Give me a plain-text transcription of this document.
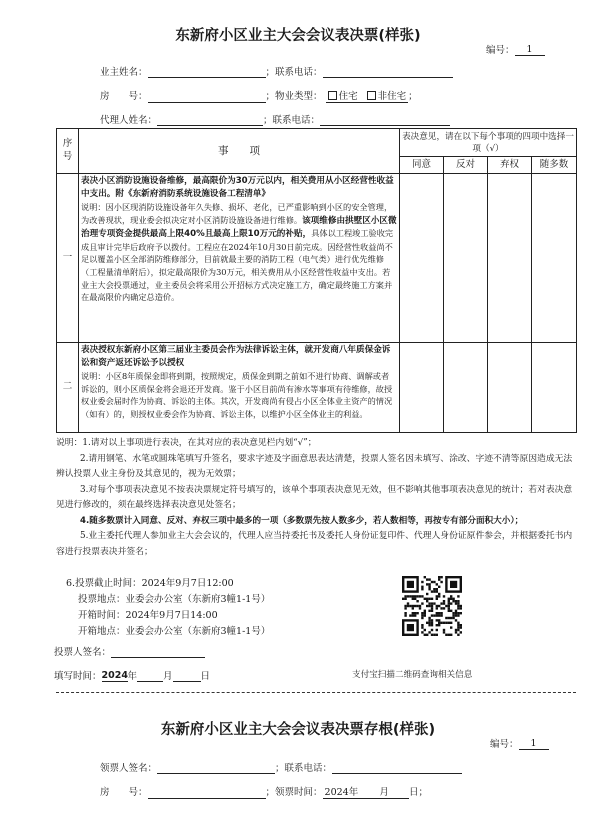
东新府小区业主大会会议表决票(样张)
编号： 1
业主姓名：	；联系电话：
房　　号：	；物业类型： 住宅 非住宅 ；
代理人姓名：	；联系电话：
序号	事　　项	表决意见，请在以下每个事项的四项中选择一项（√）			
		同意	反对	弃权	随多数
一	表决小区消防设施设备维修，最高限价为30万元以内，相关费用从小区经营性收益中支出。附《东新府消防系统设施设备工程清单》
说明：因小区现消防设施设备年久失修、损坏、老化，已严重影响到小区的安全管理，为改善现状，现业委会拟决定对小区消防设施设备进行维修。该项维修由拱墅区小区微治理专项资金提供最高上限40%且最高上限10万元的补贴，具体以工程竣工验收完成且审计完毕后政府予以拨付。工程应在2024年10月30日前完成。因经营性收益尚不足以覆盖小区全部消防维修部分，目前就最主要的消防工程（电气类）进行优先维修（工程量清单附后），拟定最高限价为30万元，相关费用从小区经营性收益中支出。若业主大会投票通过，业主委员会将采用公开招标方式决定施工方，确定最终施工方案并在最高限价内确定总造价。				

二	表决授权东新府小区第三届业主委员会作为法律诉讼主体，就开发商八年质保金诉讼和资产返还诉讼予以授权
说明：小区8年质保金即将到期，按照规定，质保金到期之前如不进行协商、调解或者诉讼的，则小区质保金将会退还开发商。鉴于小区目前尚有渗水等事项有待维修，故授权业委会届时作为协商、诉讼的主体。其次，开发商尚有侵占小区全体业主资产的情况（如有）的，则授权业委会作为协商、诉讼主体，以维护小区全体业主的利益。				

说明：1.请对以上事项进行表决，在其对应的表决意见栏内划“√”；

2.请用钢笔、水笔或圆珠笔填写升签名，要求字迹及字面意思表达清楚，投票人签名因未填写、涂改、字迹不清等原因造成无法辨认投票人业主身份及其意见的，视为无效票；

3.对每个事项表决意见不按表决票规定符号填写的，该单个事项表决意见无效，但不影响其他事项表决意见的统计；若对表决意见进行修改的，须在最终选择表决意见处签名；

4.随多数票计入同意、反对、弃权三项中最多的一项（多数票先按人数多少，若人数相等，再按专有部分面积大小）；

5.业主委托代理人参加业主大会会议的，代理人应当持委托书及委托人身份证复印件、代理人身份证原件参会，并根据委托书内容进行投票表决并签名；

6.投票截止时间：2024年9月7日12:00
投票地点：业委会办公室（东新府3幢1-1号）
开箱时间：2024年9月7日14:00
开箱地点：业委会办公室（东新府3幢1-1号）
投票人签名：
填写时间：2024年	月	日	支付宝扫描二维码查询相关信息
东新府小区业主大会会议表决票存根(样张)
编号： 1
领票人签名：	；联系电话：
房　　号：	；领票时间： 2024年 月 日；
